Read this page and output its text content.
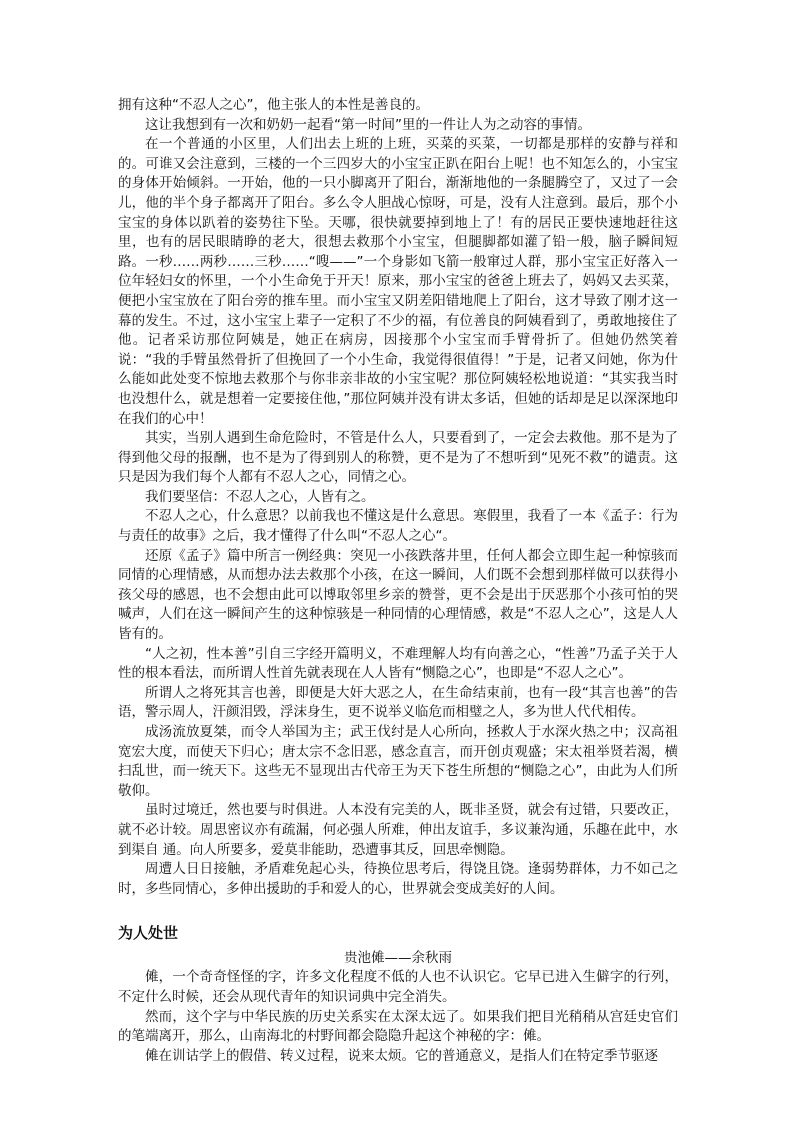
拥有这种“不忍人之心”，他主张人的本性是善良的。

这让我想到有一次和奶奶一起看“第一时间”里的一件让人为之动容的事情。

在一个普通的小区里，人们出去上班的上班，买菜的买菜，一切都是那样的安静与祥和的。可谁又会注意到，三楼的一个三四岁大的小宝宝正趴在阳台上呢！也不知怎么的，小宝宝的身体开始倾斜。一开始，他的一只小脚离开了阳台，渐渐地他的一条腿腾空了，又过了一会儿，他的半个身子都离开了阳台。多么令人胆战心惊呀，可是，没有人注意到。最后，那个小宝宝的身体以趴着的姿势往下坠。天哪，很快就要掉到地上了！有的居民正要快速地赶往这里，也有的居民眼睛睁的老大，很想去救那个小宝宝，但腿脚都如灌了铅一般，脑子瞬间短路。一秒……两秒……三秒……“嗖——”一个身影如飞箭一般窜过人群，那小宝宝正好落入一位年轻妇女的怀里，一个小生命免于开天！原来，那小宝宝的爸爸上班去了，妈妈又去买菜，便把小宝宝放在了阳台旁的推车里。而小宝宝又阴差阳错地爬上了阳台，这才导致了刚才这一幕的发生。不过，这小宝宝上辈子一定积了不少的福，有位善良的阿姨看到了，勇敢地接住了他。记者采访那位阿姨是，她正在病房，因接那个小宝宝而手臂骨折了。但她仍然笑着说：“我的手臂虽然骨折了但挽回了一个小生命，我觉得很值得！”于是，记者又问她，你为什么能如此处变不惊地去救那个与你非亲非故的小宝宝呢？那位阿姨轻松地说道：“其实我当时也没想什么，就是想着一定要接住他，”那位阿姨并没有讲太多话，但她的话却是足以深深地印在我们的心中！

其实，当别人遇到生命危险时，不管是什么人，只要看到了，一定会去救他。那不是为了得到他父母的报酬，也不是为了得到别人的称赞，更不是为了不想听到“见死不救”的谴责。这只是因为我们每个人都有不忍人之心，同情之心。

我们要坚信：不忍人之心，人皆有之。

不忍人之心，什么意思？以前我也不懂这是什么意思。寒假里，我看了一本《孟子：行为与责任的故事》之后，我才懂得了什么叫“不忍人之心“。

还原《孟子》篇中所言一例经典：突见一小孩跌落井里，任何人都会立即生起一种惊骇而同情的心理情感，从而想办法去救那个小孩，在这一瞬间，人们既不会想到那样做可以获得小孩父母的感恩，也不会想由此可以博取邻里乡亲的赞誉，更不会是出于厌恶那个小孩可怕的哭喊声，人们在这一瞬间产生的这种惊骇是一种同情的心理情感，救是“不忍人之心”，这是人人皆有的。

“人之初，性本善”引自三字经开篇明义，不难理解人均有向善之心，“性善”乃孟子关于人性的根本看法，而所谓人性首先就表现在人人皆有“恻隐之心”，也即是“不忍人之心”。

所谓人之将死其言也善，即便是大奸大恶之人，在生命结束前，也有一段“其言也善”的告语，警示周人，汗颜泪毁，浮沫身生，更不说举义临危而相璧之人，多为世人代代相传。

成汤流放夏桀，而令人举国为主；武王伐纣是人心所向，拯救人于水深火热之中；汉高祖宽宏大度，而使天下归心；唐太宗不念旧恶，感念直言，而开创贞观盛；宋太祖举贤若渴，横扫乱世，而一统天下。这些无不显现出古代帝王为天下苍生所想的“恻隐之心”，由此为人们所敬仰。

虽时过境迁，然也要与时俱进。人本没有完美的人，既非圣贤，就会有过错，只要改正，就不必计较。周思密议亦有疏漏，何必强人所难，伸出友谊手，多议兼沟通，乐趣在此中，水到渠自 通。向人所要多，爱莫非能助，恐遭事其反，回思牵恻隐。

周遭人日日接触，矛盾难免起心头，待换位思考后，得饶且饶。逢弱势群体，力不如己之时，多些同情心，多伸出援助的手和爱人的心，世界就会变成美好的人间。

为人处世

贵池傩——余秋雨

傩，一个奇奇怪怪的字，许多文化程度不低的人也不认识它。它早已进入生僻字的行列，不定什么时候，还会从现代青年的知识词典中完全消失。

然而，这个字与中华民族的历史关系实在太深太远了。如果我们把目光稍稍从宫廷史官们的笔端离开，那么，山南海北的村野间都会隐隐升起这个神秘的字：傩。

傩在训诂学上的假借、转义过程，说来太烦。它的普通意义，是指人们在特定季节驱逐
